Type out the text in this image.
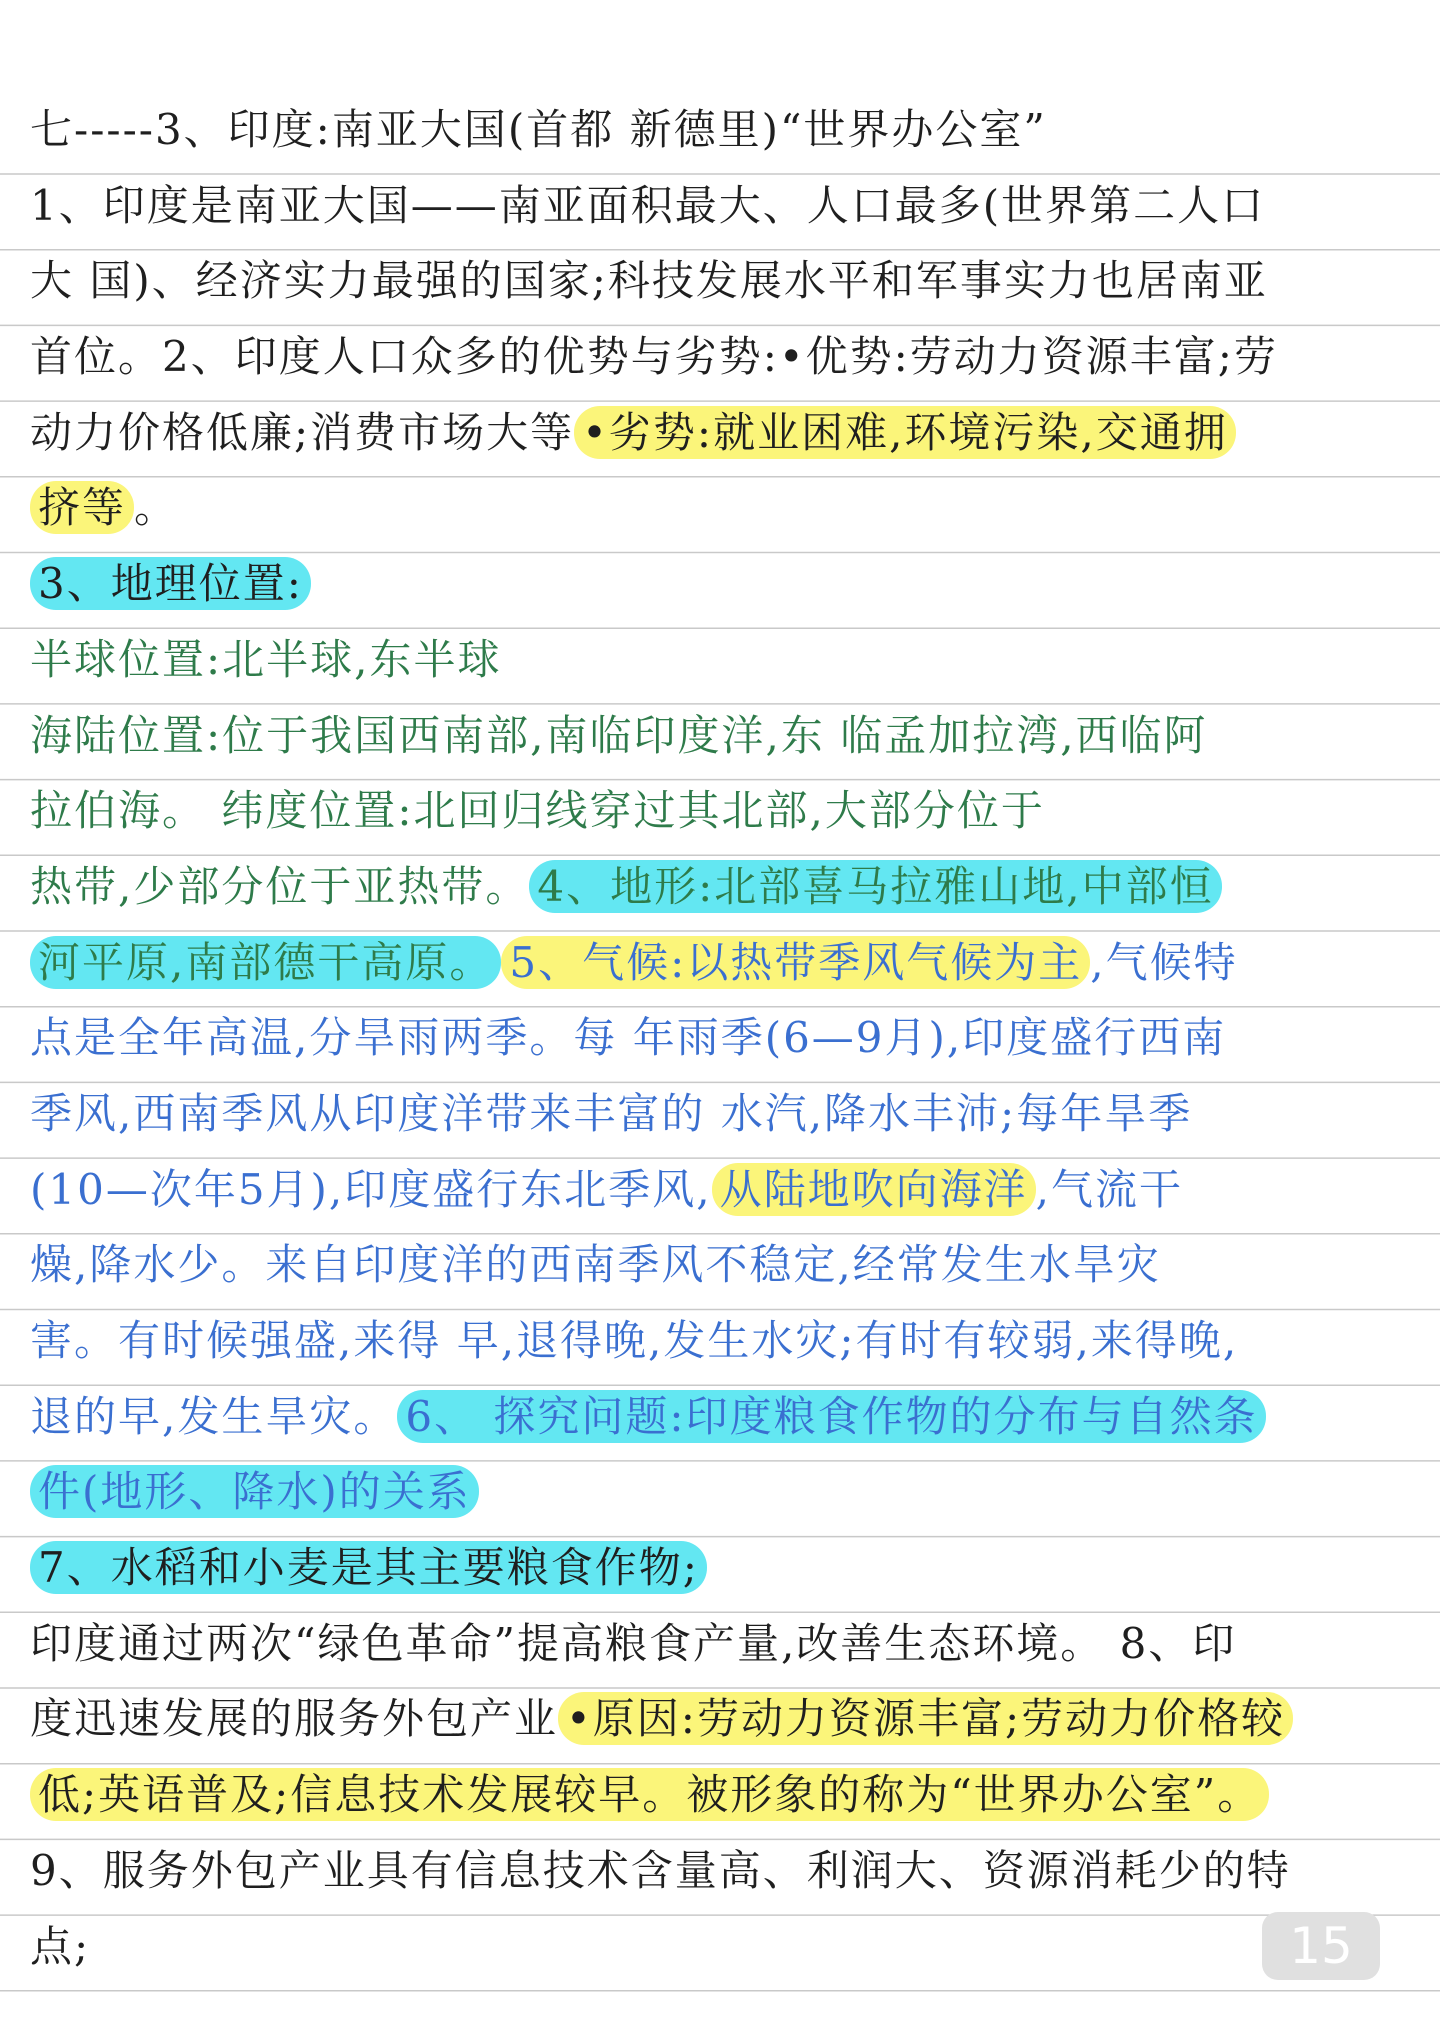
七-----3、印度:南亚大国(首都 新德里)“世界办公室”
1、印度是南亚大国——南亚面积最大、人口最多(世界第二人口
大 国)、经济实力最强的国家;科技发展水平和军事实力也居南亚
首位。2、印度人口众多的优势与劣势:•优势:劳动力资源丰富;劳
动力价格低廉;消费市场大等 •劣势:就业困难,环境污染,交通拥
挤等 。
3、地理位置:
半球位置:北半球,东半球
海陆位置:位于我国西南部,南临印度洋,东 临孟加拉湾,西临阿
拉伯海。 纬度位置:北回归线穿过其北部,大部分位于
热带,少部分位于亚热带。 4、地形:北部喜马拉雅山地,中部恒
河平原,南部德干高原。 5、气候:以热带季风气候为主 ,气候特
点是全年高温,分旱雨两季。每 年雨季(6—9月),印度盛行西南
季风,西南季风从印度洋带来丰富的 水汽,降水丰沛;每年旱季
(10—次年5月),印度盛行东北季风, 从陆地吹向海洋 ,气流干
燥,降水少。来自印度洋的西南季风不稳定,经常发生水旱灾
害。有时候强盛,来得 早,退得晚,发生水灾;有时有较弱,来得晚,
退的早,发生旱灾。 6、 探究问题:印度粮食作物的分布与自然条
件(地形、降水)的关系
7、水稻和小麦是其主要粮食作物;
印度通过两次“绿色革命”提高粮食产量,改善生态环境。 8、印
度迅速发展的服务外包产业 •原因:劳动力资源丰富;劳动力价格较
低;英语普及;信息技术发展较早。被形象的称为“世界办公室”。
9、服务外包产业具有信息技术含量高、利润大、资源消耗少的特
点;	15
